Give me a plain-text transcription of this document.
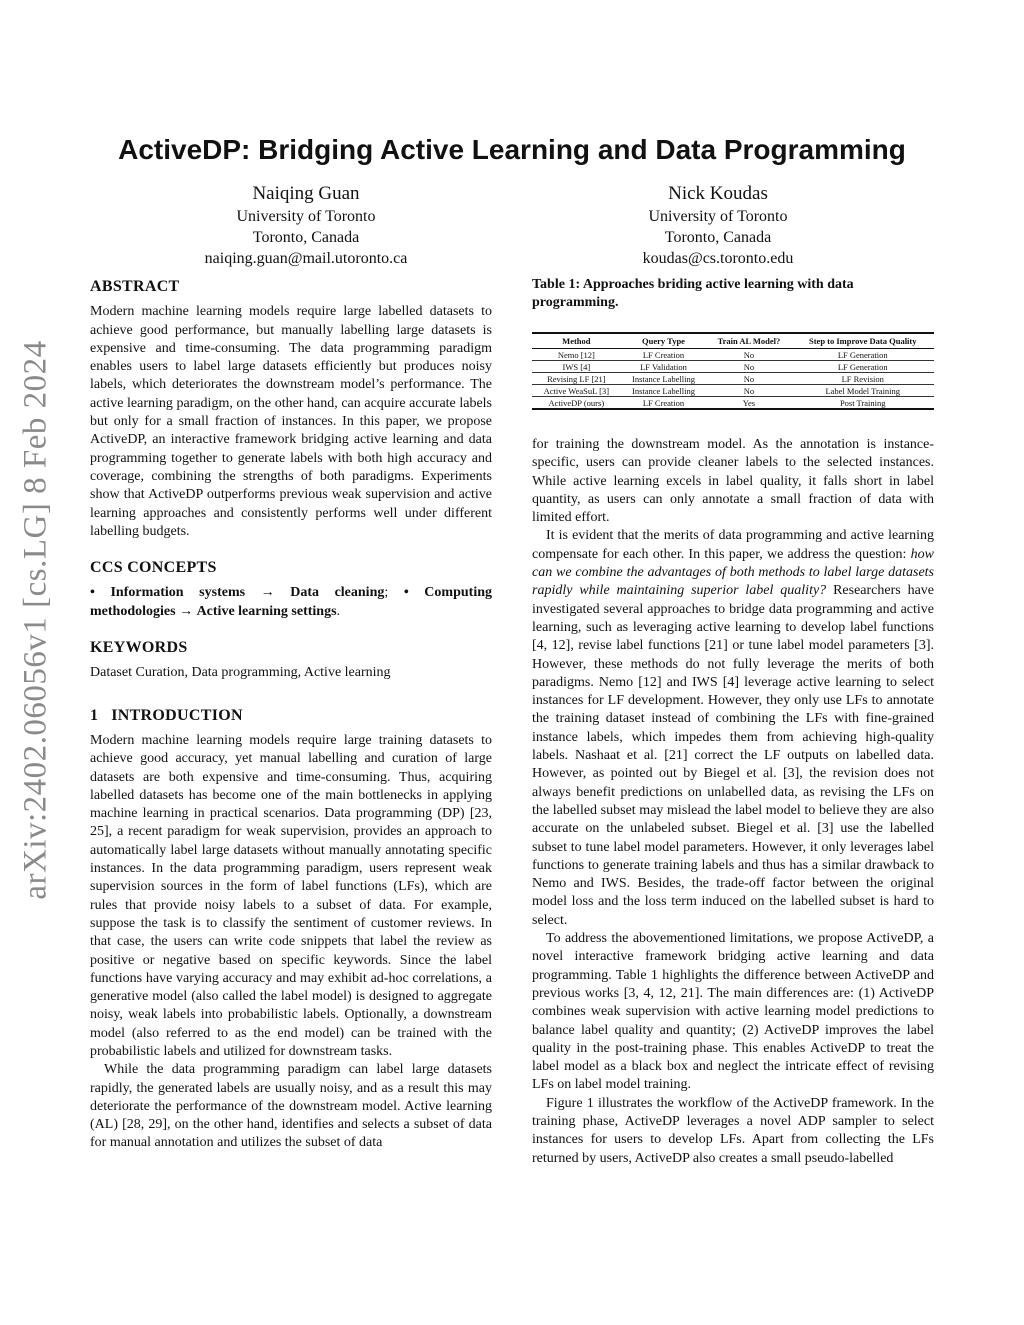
arXiv:2402.06056v1 [cs.LG] 8 Feb 2024
ActiveDP: Bridging Active Learning and Data Programming
Naiqing Guan
University of Toronto
Toronto, Canada
naiqing.guan@mail.utoronto.ca
Nick Koudas
University of Toronto
Toronto, Canada
koudas@cs.toronto.edu
ABSTRACT

Modern machine learning models require large labelled datasets to achieve good performance, but manually labelling large datasets is expensive and time-consuming. The data programming paradigm enables users to label large datasets efficiently but produces noisy labels, which deteriorates the downstream model’s performance. The active learning paradigm, on the other hand, can acquire accurate labels but only for a small fraction of instances. In this paper, we propose ActiveDP, an interactive framework bridging active learning and data programming together to generate labels with both high accuracy and coverage, combining the strengths of both paradigms. Experiments show that ActiveDP outperforms previous weak supervision and active learning approaches and consistently performs well under different labelling budgets.

CCS CONCEPTS

• Information systems → Data cleaning; • Computing methodologies → Active learning settings.

KEYWORDS

Dataset Curation, Data programming, Active learning

1   INTRODUCTION

Modern machine learning models require large training datasets to achieve good accuracy, yet manual labelling and curation of large datasets are both expensive and time-consuming. Thus, acquiring labelled datasets has become one of the main bottlenecks in applying machine learning in practical scenarios. Data programming (DP) [23, 25], a recent paradigm for weak supervision, provides an approach to automatically label large datasets without manually annotating specific instances. In the data programming paradigm, users represent weak supervision sources in the form of label functions (LFs), which are rules that provide noisy labels to a subset of data. For example, suppose the task is to classify the sentiment of customer reviews. In that case, the users can write code snippets that label the review as positive or negative based on specific keywords. Since the label functions have varying accuracy and may exhibit ad-hoc correlations, a generative model (also called the label model) is designed to aggregate noisy, weak labels into probabilistic labels. Optionally, a downstream model (also referred to as the end model) can be trained with the probabilistic labels and utilized for downstream tasks.

While the data programming paradigm can label large datasets rapidly, the generated labels are usually noisy, and as a result this may deteriorate the performance of the downstream model. Active learning (AL) [28, 29], on the other hand, identifies and selects a subset of data for manual annotation and utilizes the subset of data

Table 1: Approaches briding active learning with data programming.
Method	Query Type	Train AL Model?	Step to Improve Data Quality
Nemo [12]	LF Creation	No	LF Generation
IWS [4]	LF Validation	No	LF Generation
Revising LF [21]	Instance Labelling	No	LF Revision
Active WeaSuL [3]	Instance Labelling	No	Label Model Training
ActiveDP (ours)	LF Creation	Yes	Post Training

for training the downstream model. As the annotation is instance-specific, users can provide cleaner labels to the selected instances. While active learning excels in label quality, it falls short in label quantity, as users can only annotate a small fraction of data with limited effort.

It is evident that the merits of data programming and active learning compensate for each other. In this paper, we address the question: how can we combine the advantages of both methods to label large datasets rapidly while maintaining superior label quality? Researchers have investigated several approaches to bridge data programming and active learning, such as leveraging active learning to develop label functions [4, 12], revise label functions [21] or tune label model parameters [3]. However, these methods do not fully leverage the merits of both paradigms. Nemo [12] and IWS [4] leverage active learning to select instances for LF development. However, they only use LFs to annotate the training dataset instead of combining the LFs with fine-grained instance labels, which impedes them from achieving high-quality labels. Nashaat et al. [21] correct the LF outputs on labelled data. However, as pointed out by Biegel et al. [3], the revision does not always benefit predictions on unlabelled data, as revising the LFs on the labelled subset may mislead the label model to believe they are also accurate on the unlabeled subset. Biegel et al. [3] use the labelled subset to tune label model parameters. However, it only leverages label functions to generate training labels and thus has a similar drawback to Nemo and IWS. Besides, the trade-off factor between the original model loss and the loss term induced on the labelled subset is hard to select.

To address the abovementioned limitations, we propose ActiveDP, a novel interactive framework bridging active learning and data programming. Table 1 highlights the difference between ActiveDP and previous works [3, 4, 12, 21]. The main differences are: (1) ActiveDP combines weak supervision with active learning model predictions to balance label quality and quantity; (2) ActiveDP improves the label quality in the post-training phase. This enables ActiveDP to treat the label model as a black box and neglect the intricate effect of revising LFs on label model training.

Figure 1 illustrates the workflow of the ActiveDP framework. In the training phase, ActiveDP leverages a novel ADP sampler to select instances for users to develop LFs. Apart from collecting the LFs returned by users, ActiveDP also creates a small pseudo-labelled
